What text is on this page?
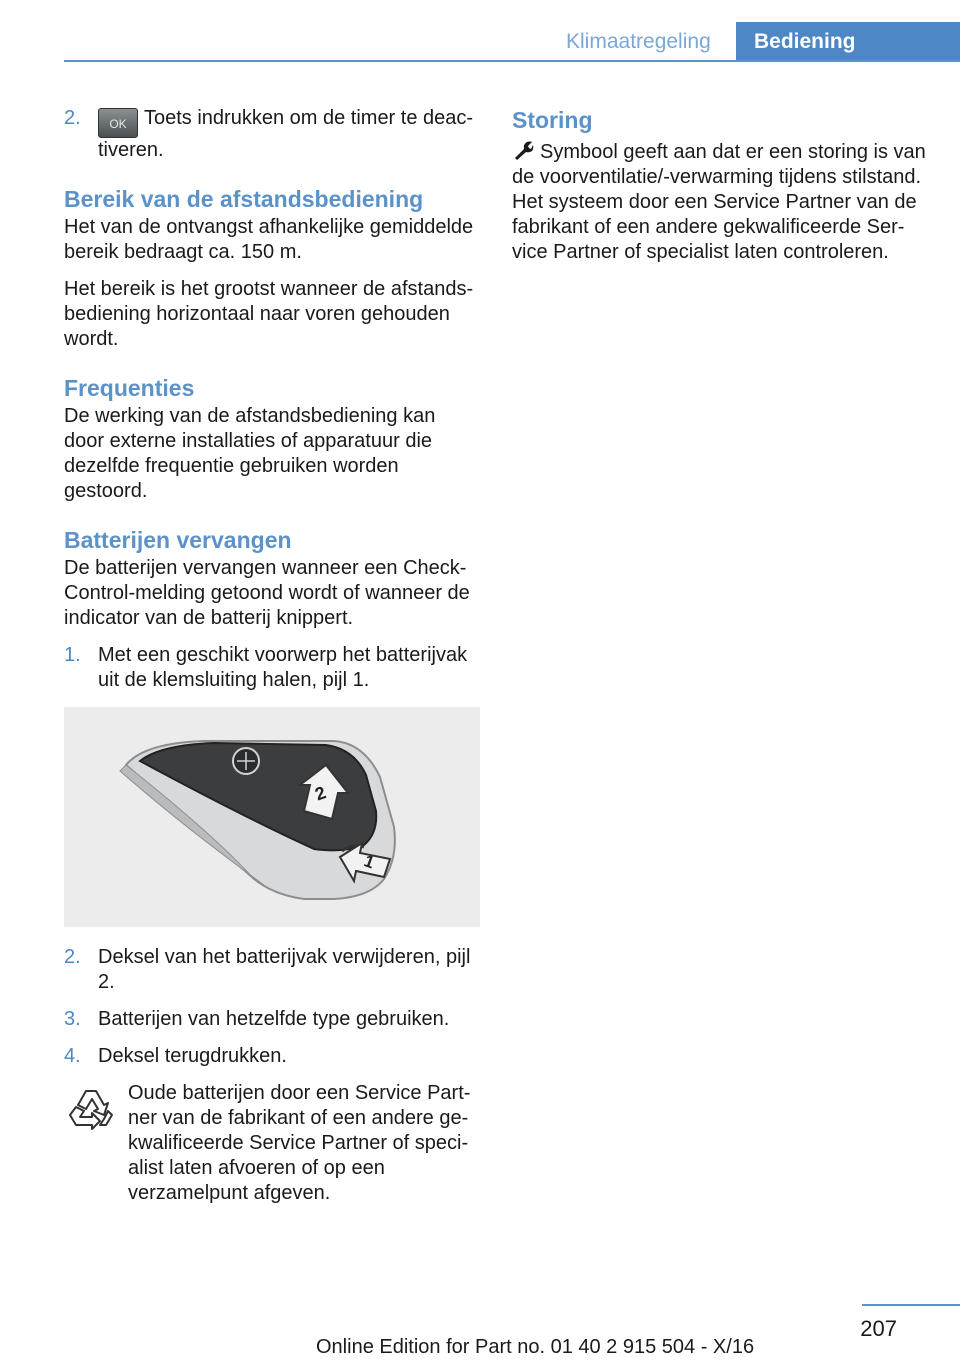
Klimaatregeling	Bediening
2. OK Toets indrukken om de timer te deactiveren.
Bereik van de afstandsbediening

Het van de ontvangst afhankelijke gemiddelde bereik bedraagt ca. 150 m.

Het bereik is het grootst wanneer de afstandsbediening horizontaal naar voren gehouden wordt.

Frequenties

De werking van de afstandsbediening kan door externe installaties of apparatuur die dezelfde frequentie gebruiken worden gestoord.

Batterijen vervangen

De batterijen vervangen wanneer een Check-Control-melding getoond wordt of wanneer de indicator van de batterij knippert.

1. Met een geschikt voorwerp het batterijvak uit de klemsluiting halen, pijl 1.
2
1
2. Deksel van het batterijvak verwijderen, pijl 2.
3. Batterijen van hetzelfde type gebruiken.
4. Deksel terugdrukken.
Oude batterijen door een Service Partner van de fabrikant of een andere gekwalificeerde Service Partner of specialist laten afvoeren of op een verzamelpunt afgeven.
Storing

Symbool geeft aan dat er een storing is van de voorventilatie/-verwarming tijdens stilstand. Het systeem door een Service Partner van de fabrikant of een andere gekwalificeerde Service Partner of specialist laten controleren.

207
Online Edition for Part no. 01 40 2 915 504 - X/16
